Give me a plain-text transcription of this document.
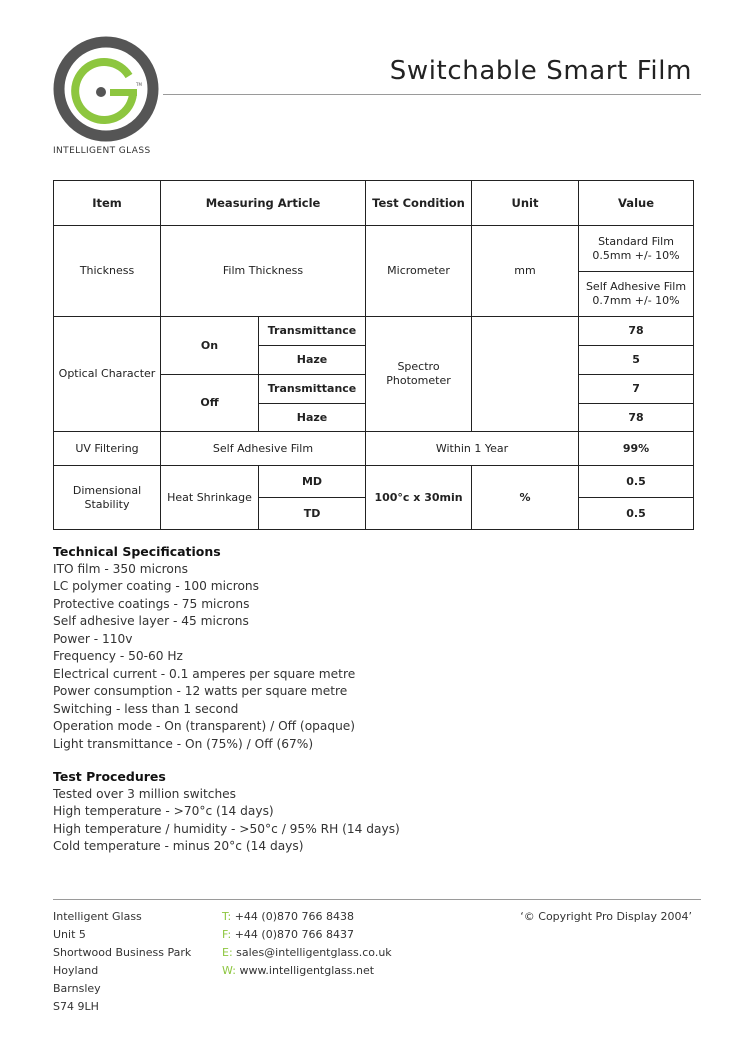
TM
INTELLIGENT GLASS
Switchable Smart Film
Item	Measuring Article		Test Condition	Unit	Value
Thickness	Film Thickness		Micrometer	mm	Standard Film 0.5mm +/- 10%
					Self Adhesive Film 0.7mm +/- 10%
Optical Character	On	Transmittance	Spectro Photometer		78
		Haze			5
	Off	Transmittance			7
		Haze			78
UV Filtering	Self Adhesive Film		Within 1 Year		99%
Dimensional Stability	Heat Shrinkage	MD	100°c x 30min	%	0.5
		TD			0.5
Technical Specifications

ITO film - 350 microns

LC polymer coating - 100 microns

Protective coatings - 75 microns

Self adhesive layer - 45 microns

Power - 110v

Frequency - 50-60 Hz

Electrical current - 0.1 amperes per square metre

Power consumption - 12 watts per square metre

Switching - less than 1 second

Operation mode - On (transparent) / Off (opaque)

Light transmittance - On (75%) / Off (67%)

Test Procedures

Tested over 3 million switches

High temperature - >70°c (14 days)

High temperature / humidity - >50°c / 95% RH (14 days)

Cold temperature - minus 20°c (14 days)

Intelligent Glass
Unit 5
Shortwood Business Park
Hoyland
Barnsley
S74 9LH
T: +44 (0)870 766 8438
F: +44 (0)870 766 8437
E: sales@intelligentglass.co.uk
W: www.intelligentglass.net
‘© Copyright Pro Display 2004’
